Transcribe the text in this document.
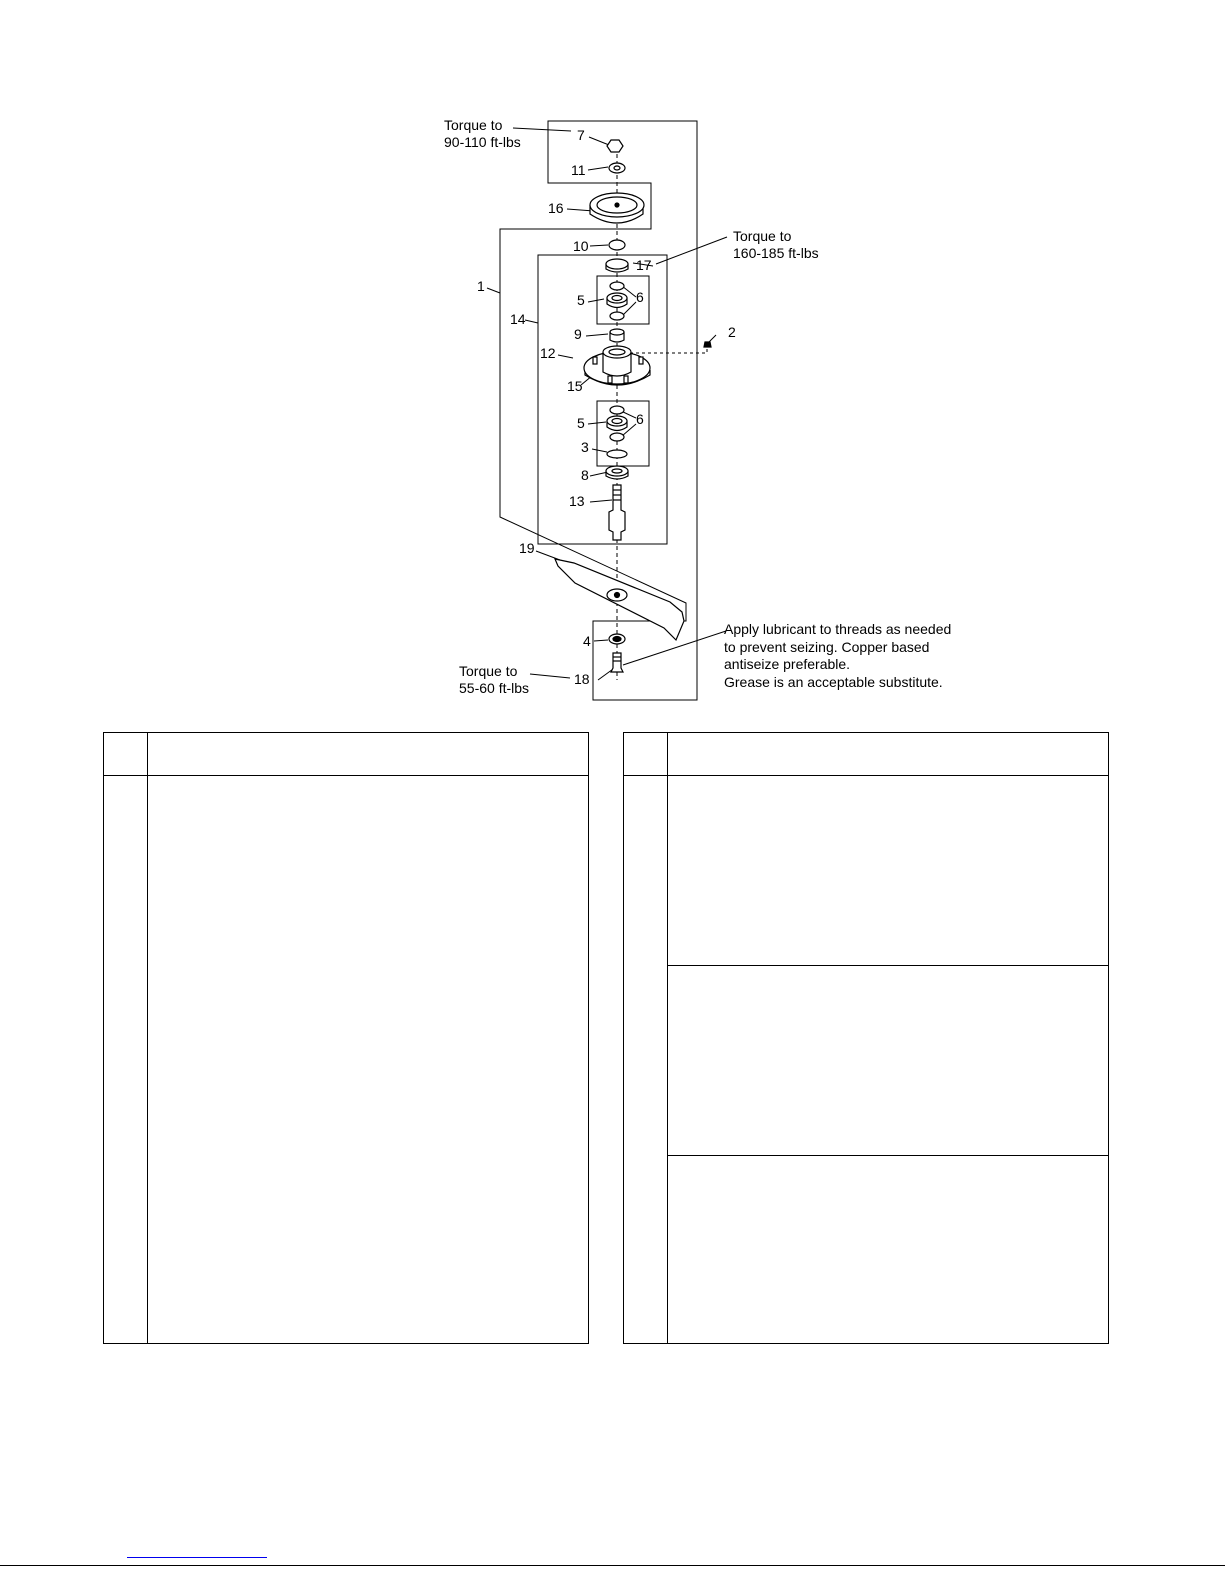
1
2
3
4
5
5
6
6
7
8
9
10
11
12
13
14
15
16
17
18
19
Torque to
90-110 ft-lbs
Torque to
160-185 ft-lbs
Torque to
55-60 ft-lbs
Apply lubricant to threads as needed
to prevent seizing. Copper based
antiseize preferable.
Grease is an acceptable substitute.
